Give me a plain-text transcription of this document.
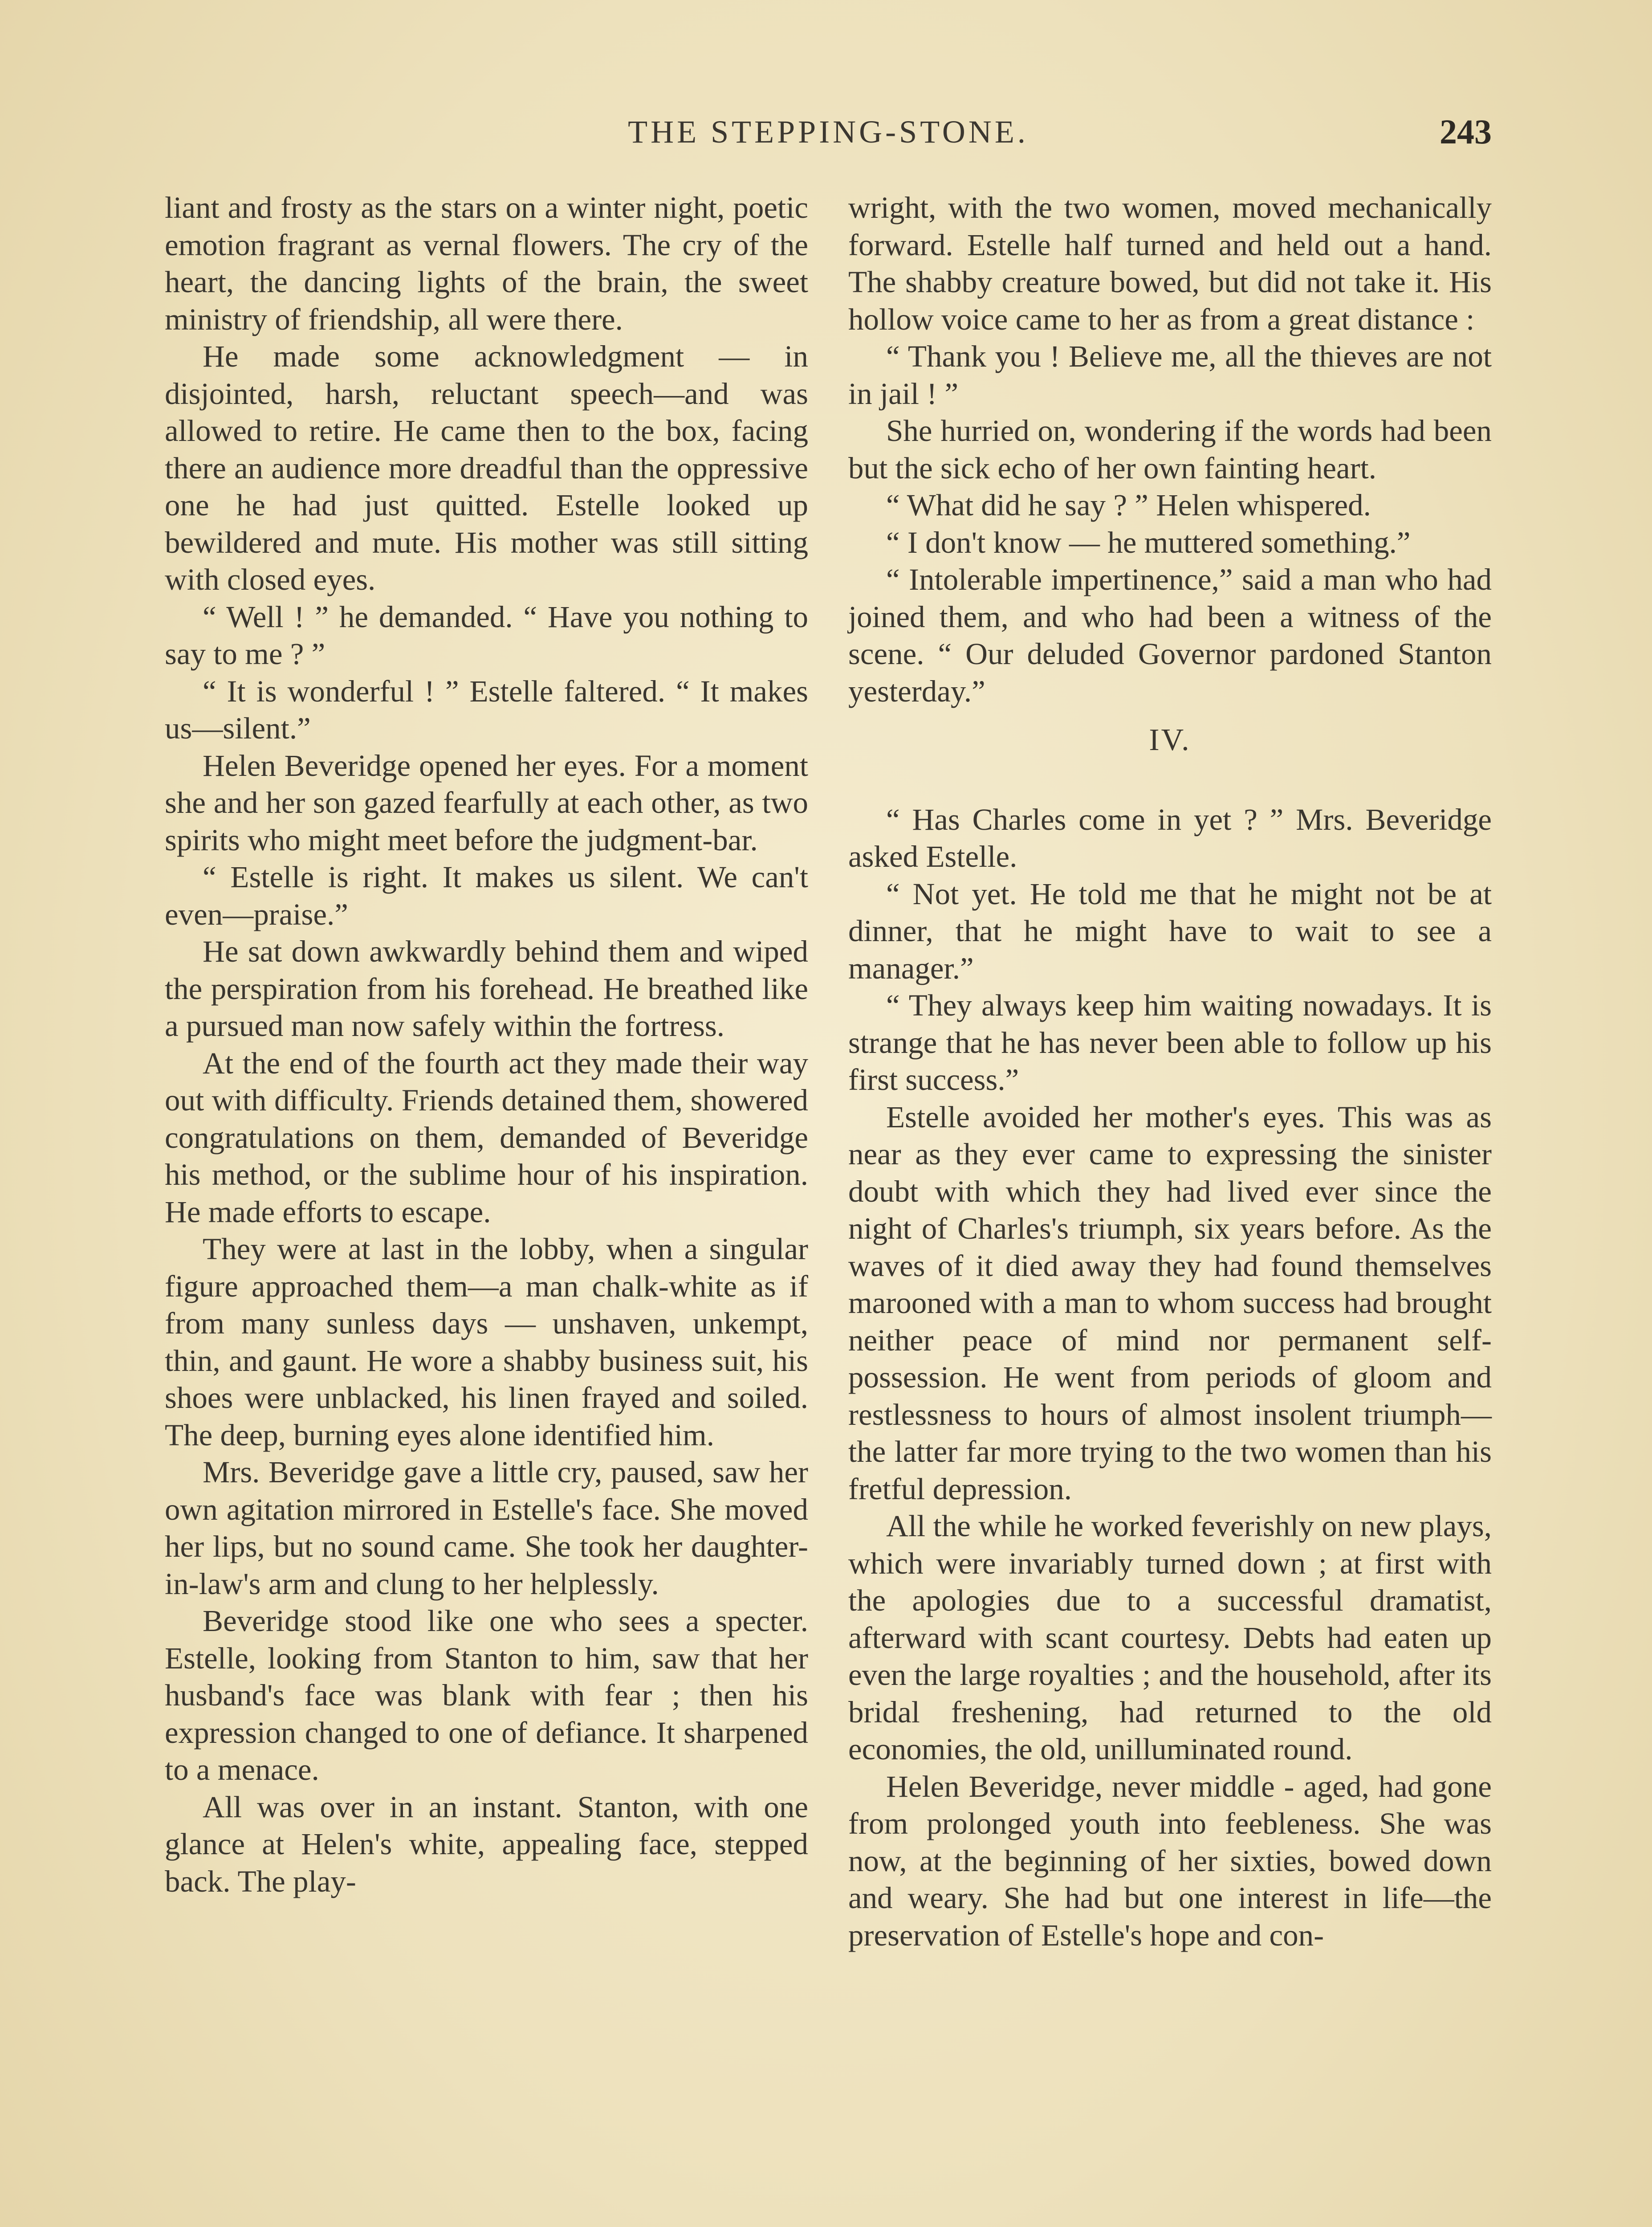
THE STEPPING-STONE.	243

liant and frosty as the stars on a winter night, poetic emotion fragrant as vernal flowers. The cry of the heart, the dancing lights of the brain, the sweet ministry of friendship, all were there.

He made some acknowledgment — in disjointed, harsh, reluctant speech—and was allowed to retire. He came then to the box, facing there an audience more dreadful than the oppressive one he had just quitted. Estelle looked up bewildered and mute. His mother was still sitting with closed eyes.

“ Well ! ” he demanded. “ Have you nothing to say to me ? ”

“ It is wonderful ! ” Estelle faltered. “ It makes us—silent.”

Helen Beveridge opened her eyes. For a moment she and her son gazed fearfully at each other, as two spirits who might meet before the judgment-bar.

“ Estelle is right. It makes us silent. We can't even—praise.”

He sat down awkwardly behind them and wiped the perspiration from his forehead. He breathed like a pursued man now safely within the fortress.

At the end of the fourth act they made their way out with difficulty. Friends detained them, showered congratulations on them, demanded of Beveridge his method, or the sublime hour of his inspiration. He made efforts to escape.

They were at last in the lobby, when a singular figure approached them—a man chalk-white as if from many sunless days — unshaven, unkempt, thin, and gaunt. He wore a shabby business suit, his shoes were unblacked, his linen frayed and soiled. The deep, burning eyes alone identified him.

Mrs. Beveridge gave a little cry, paused, saw her own agitation mirrored in Estelle's face. She moved her lips, but no sound came. She took her daughter-in-law's arm and clung to her helplessly.

Beveridge stood like one who sees a specter. Estelle, looking from Stanton to him, saw that her husband's face was blank with fear ; then his expression changed to one of defiance. It sharpened to a menace.

All was over in an instant. Stanton, with one glance at Helen's white, appealing face, stepped back. The play-

wright, with the two women, moved mechanically forward. Estelle half turned and held out a hand. The shabby creature bowed, but did not take it. His hollow voice came to her as from a great distance :

“ Thank you ! Believe me, all the thieves are not in jail ! ”

She hurried on, wondering if the words had been but the sick echo of her own fainting heart.

“ What did he say ? ” Helen whispered.

“ I don't know — he muttered something.”

“ Intolerable impertinence,” said a man who had joined them, and who had been a witness of the scene. “ Our deluded Governor pardoned Stanton yesterday.”

IV.

“ Has Charles come in yet ? ” Mrs. Beveridge asked Estelle.

“ Not yet. He told me that he might not be at dinner, that he might have to wait to see a manager.”

“ They always keep him waiting nowadays. It is strange that he has never been able to follow up his first success.”

Estelle avoided her mother's eyes. This was as near as they ever came to expressing the sinister doubt with which they had lived ever since the night of Charles's triumph, six years before. As the waves of it died away they had found themselves marooned with a man to whom success had brought neither peace of mind nor permanent self-possession. He went from periods of gloom and restlessness to hours of almost insolent triumph—the latter far more trying to the two women than his fretful depression.

All the while he worked feverishly on new plays, which were invariably turned down ; at first with the apologies due to a successful dramatist, afterward with scant courtesy. Debts had eaten up even the large royalties ; and the household, after its bridal freshening, had returned to the old economies, the old, unilluminated round.

Helen Beveridge, never middle - aged, had gone from prolonged youth into feebleness. She was now, at the beginning of her sixties, bowed down and weary. She had but one interest in life—the preservation of Estelle's hope and con-
